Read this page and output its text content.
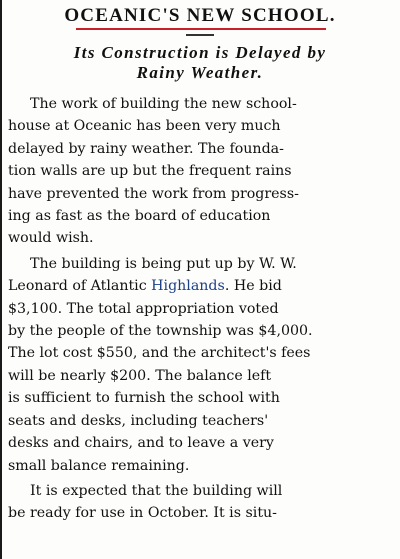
OCEANIC'S NEW SCHOOL.
Its Construction is Delayed by
Rainy Weather.
The work of building the new school-
house at Oceanic has been very much
delayed by rainy weather. The founda-
tion walls are up but the frequent rains
have prevented the work from progress-
ing as fast as the board of education
would wish.
The building is being put up by W. W.
Leonard of Atlantic Highlands. He bid
$3,100. The total appropriation voted
by the people of the township was $4,000.
The lot cost $550, and the architect's fees
will be nearly $200. The balance left
is sufficient to furnish the school with
seats and desks, including teachers'
desks and chairs, and to leave a very
small balance remaining.
It is expected that the building will
be ready for use in October. It is situ-
